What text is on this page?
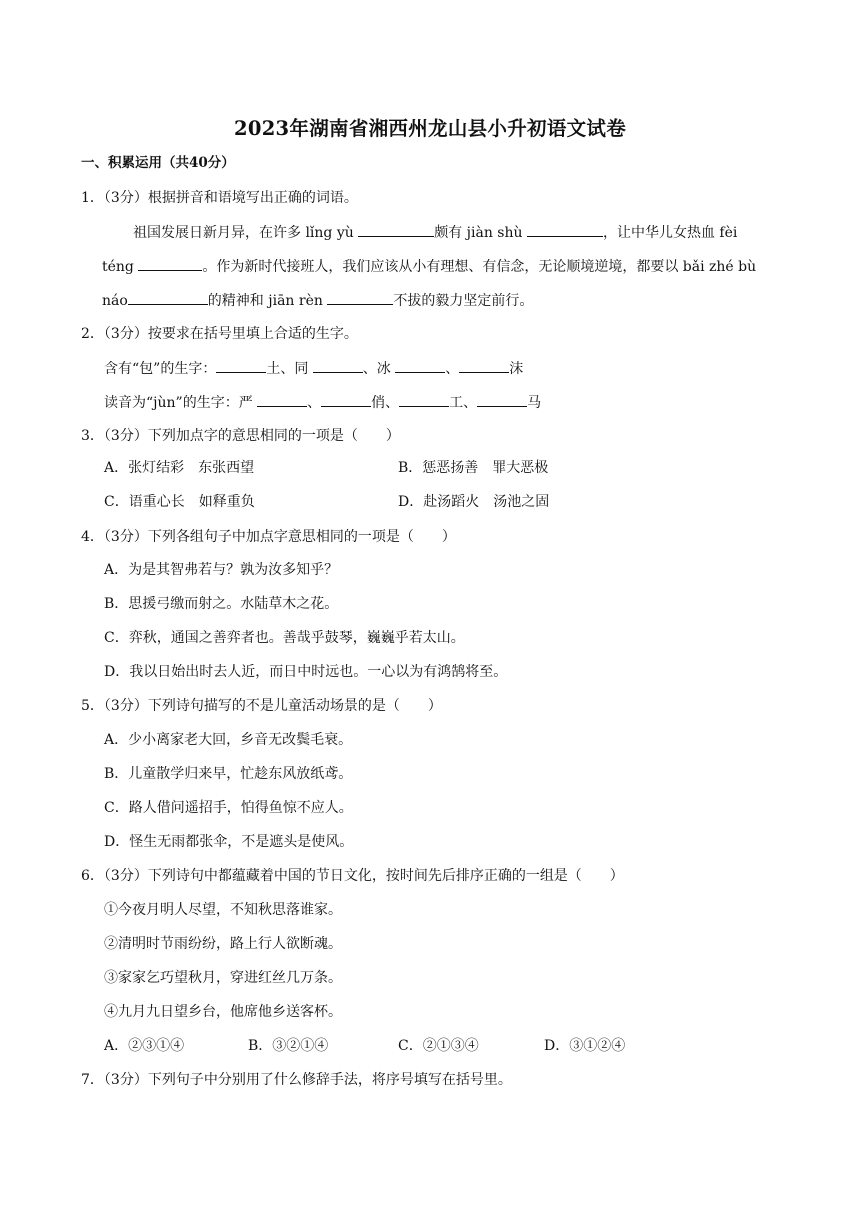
2023年湖南省湘西州龙山县小升初语文试卷
一、积累运用（共40分）
1．（3分）根据拼音和语境写出正确的词语。
祖国发展日新月异，在许多 lǐng yù	颇有 jiàn shù	，让中华儿女热血 fèi
téng	。作为新时代接班人，我们应该从小有理想、有信念，无论顺境逆境，都要以 bǎi zhé bù
náo	的精神和 jiān rèn	不拔的毅力坚定前行。
2．（3分）按要求在括号里填上合适的生字。
含有“包”的生字：	土、同	、冰	、	沫
读音为“jùn”的生字：严	、	俏、	工、	马
3．（3分）下列加点字的意思相同的一项是（　　）
A．张灯结彩　 东张西望	B．惩恶扬善　 罪大恶极
C．语重心长　 如释重负	D．赴汤蹈火　 汤池之固
4．（3分）下列各组句子中加点字意思相同的一项是（　　）
A．为是其智弗若与？孰为汝多知乎？
B．思援弓缴而射之。水陆草木之花。
C．弈秋，通国之善弈者也。善哉乎鼓琴，巍巍乎若太山。
D．我以日始出时去人近，而日中时远也。一心以为有鸿鹄将至。
5．（3分）下列诗句描写的不是儿童活动场景的是（　　）
A．少小离家老大回，乡音无改鬓毛衰。
B．儿童散学归来早，忙趁东风放纸鸢。
C．路人借问遥招手，怕得鱼惊不应人。
D．怪生无雨都张伞，不是遮头是使风。
6．（3分）下列诗句中都蕴藏着中国的节日文化，按时间先后排序正确的一组是（　　）
①今夜月明人尽望，不知秋思落谁家。
②清明时节雨纷纷，路上行人欲断魂。
③家家乞巧望秋月，穿进红丝几万条。
④九月九日望乡台，他席他乡送客杯。
A．②③①④	B．③②①④	C．②①③④	D．③①②④
7．（3分）下列句子中分别用了什么修辞手法，将序号填写在括号里。
